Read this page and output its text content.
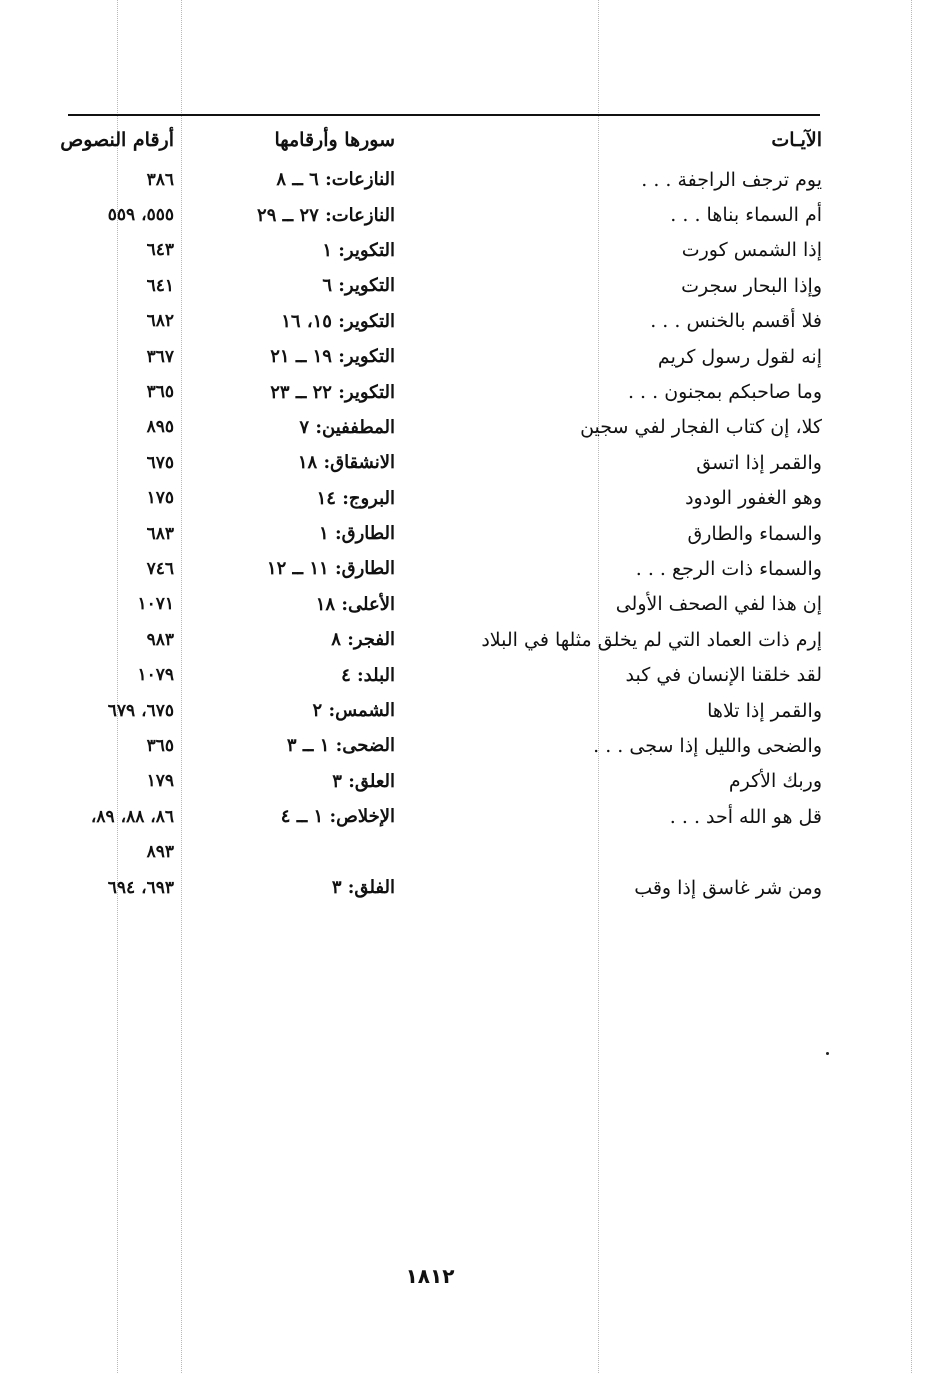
الآيـات
سورها وأرقامها
أرقام النصوص
يوم ترجف الراجفة . . .
النازعات: ٦ ــ ٨
٣٨٦
أم السماء بناها . . .
النازعات: ٢٧ ــ ٢٩
٥٥٥، ٥٥٩
إذا الشمس كورت
التكوير: ١
٦٤٣
وإذا البحار سجرت
التكوير: ٦
٦٤١
فلا أقسم بالخنس . . .
التكوير: ١٥، ١٦
٦٨٢
إنه لقول رسول كريم
التكوير: ١٩ ــ ٢١
٣٦٧
وما صاحبكم بمجنون . . .
التكوير: ٢٢ ــ ٢٣
٣٦٥
كلا، إن كتاب الفجار لفي سجين
المطففين: ٧
٨٩٥
والقمر إذا اتسق
الانشقاق: ١٨
٦٧٥
وهو الغفور الودود
البروج: ١٤
١٧٥
والسماء والطارق
الطارق: ١
٦٨٣
والسماء ذات الرجع . . .
الطارق: ١١ ــ ١٢
٧٤٦
إن هذا لفي الصحف الأولى
الأعلى: ١٨
١٠٧١
إرم ذات العماد التي لم يخلق مثلها في البلاد
الفجر: ٨
٩٨٣
لقد خلقنا الإنسان في كبد
البلد: ٤
١٠٧٩
والقمر إذا تلاها
الشمس: ٢
٦٧٥، ٦٧٩
والضحى والليل إذا سجى . . .
الضحى: ١ ــ ٣
٣٦٥
وربك الأكرم
العلق: ٣
١٧٩
قل هو الله أحد . . .
الإخلاص: ١ ــ ٤
٨٦، ٨٨، ٨٩،
٨٩٣
ومن شر غاسق إذا وقب
الفلق: ٣
٦٩٣، ٦٩٤
١٨١٢
